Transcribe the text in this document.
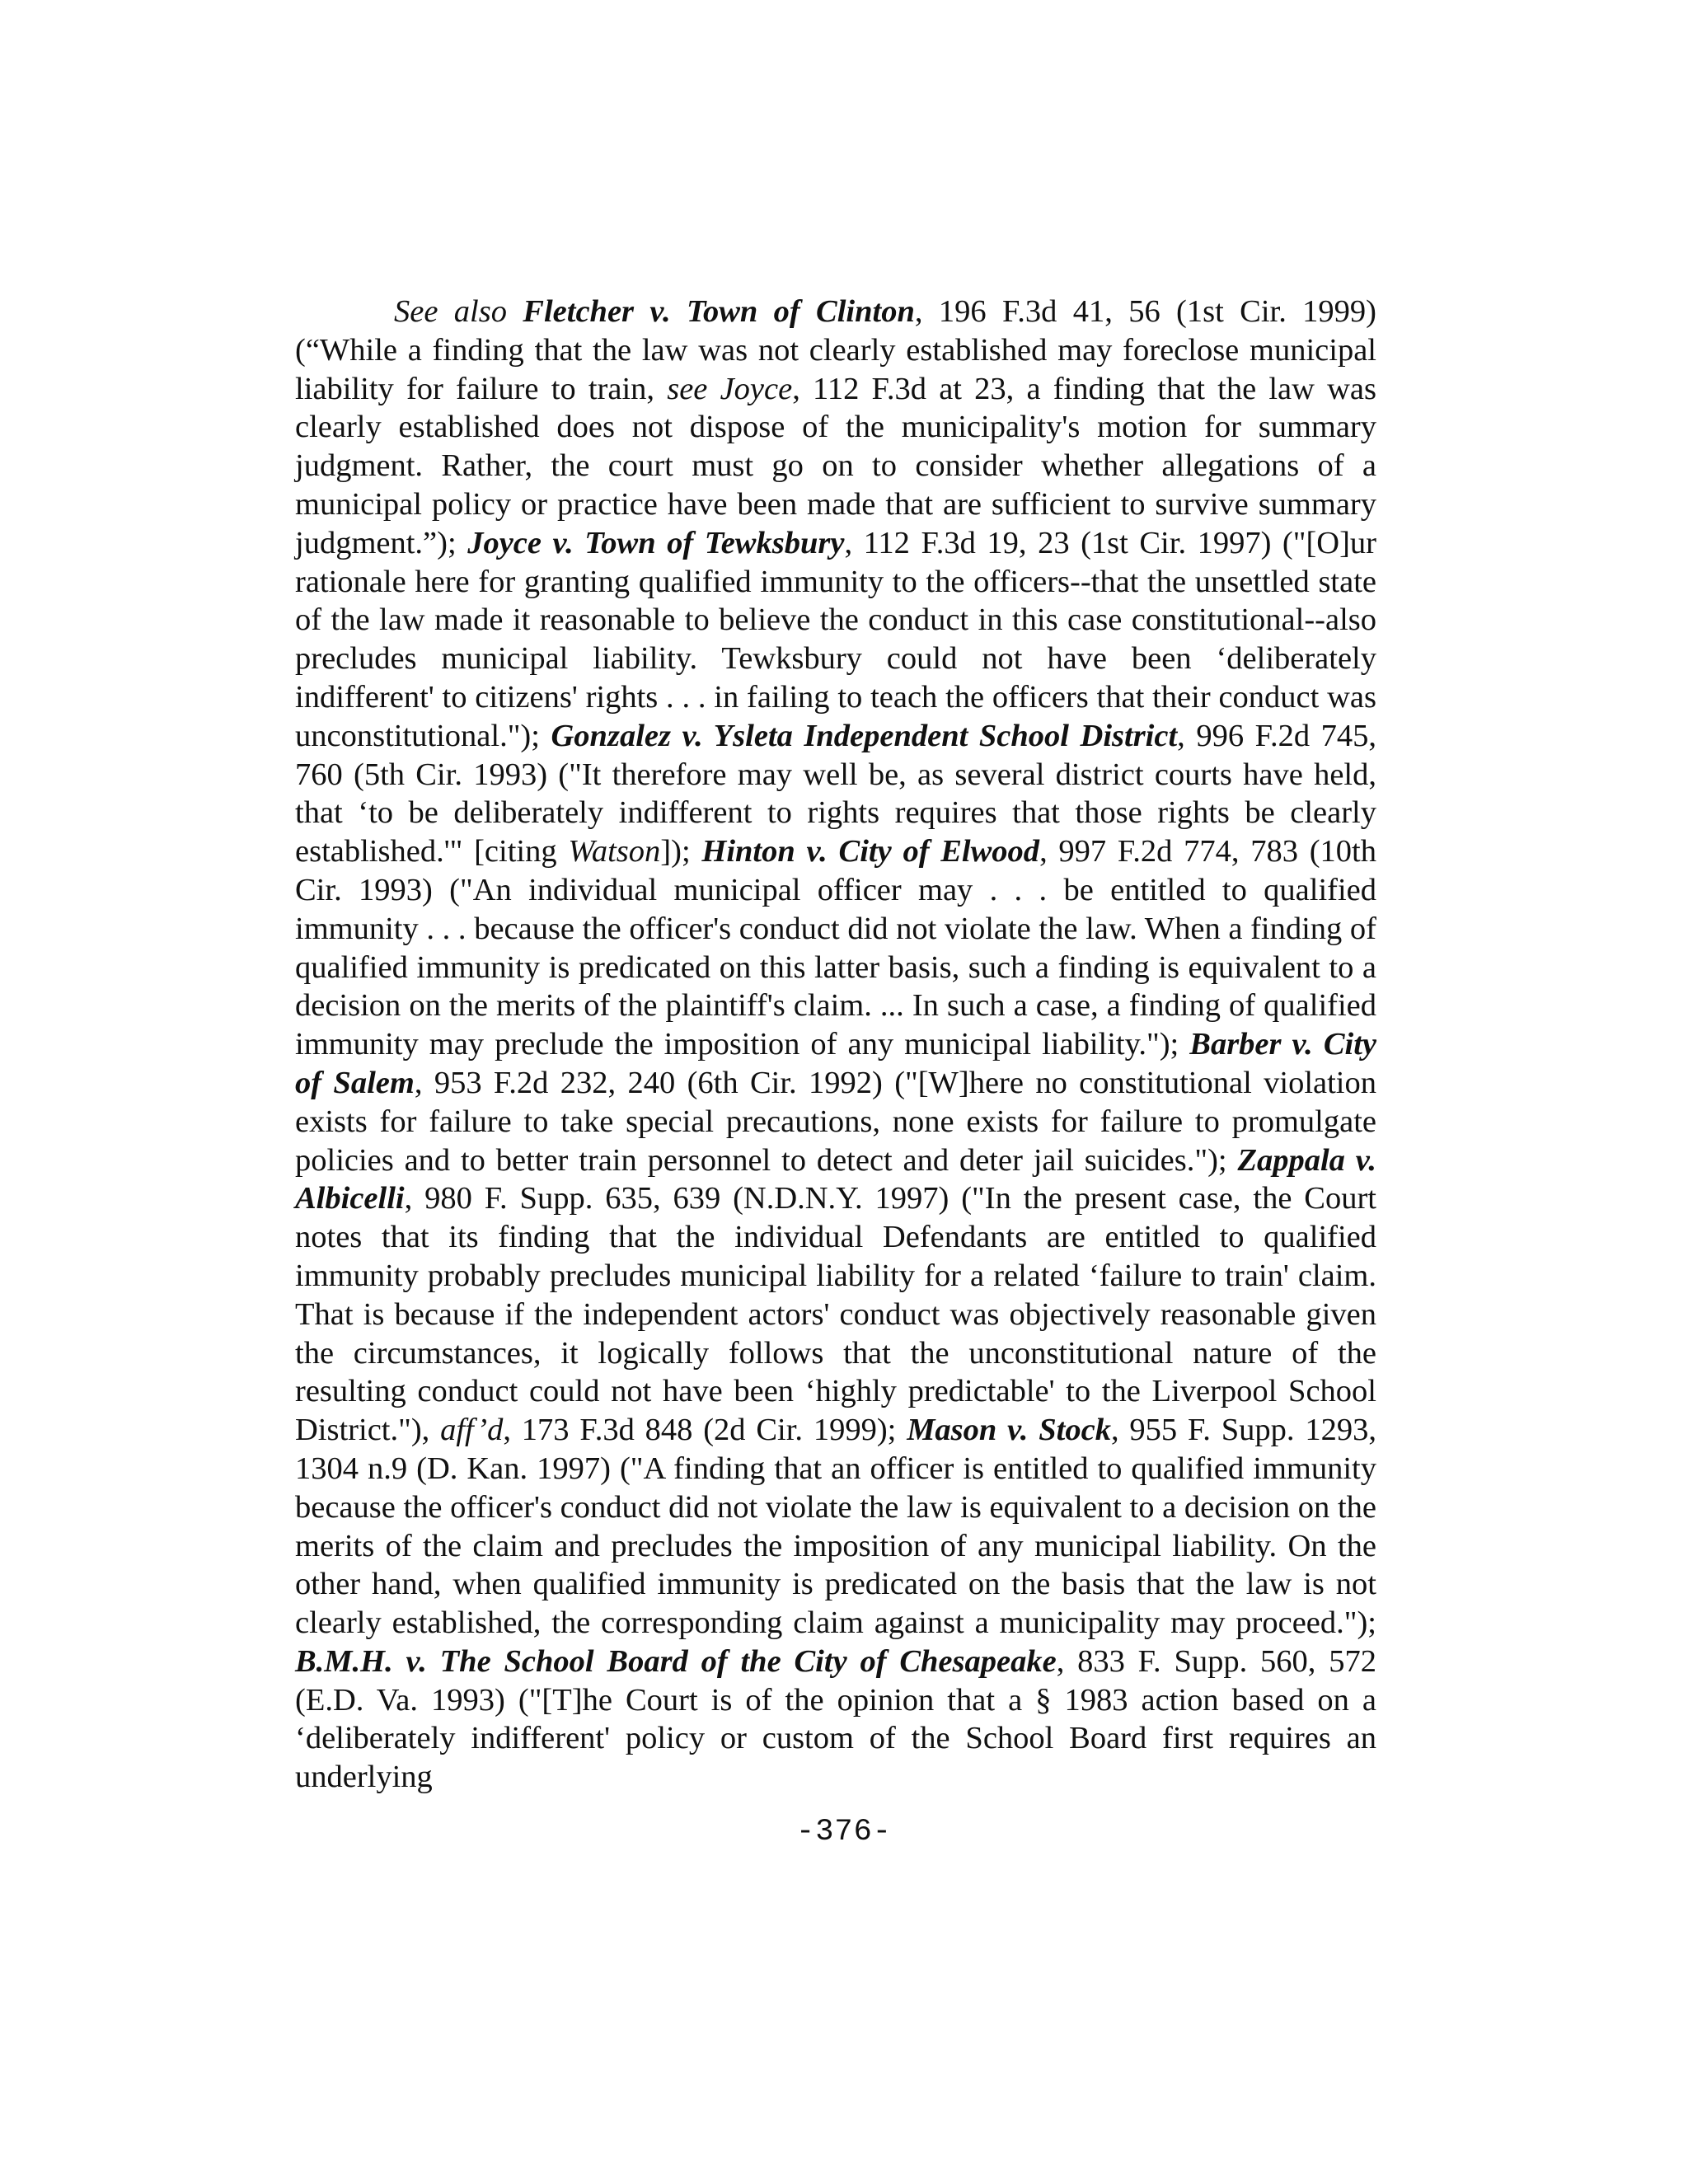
See also Fletcher v. Town of Clinton, 196 F.3d 41, 56 (1st Cir. 1999) (“While a finding that the law was not clearly established may foreclose municipal liability for failure to train, see Joyce, 112 F.3d at 23, a finding that the law was clearly established does not dispose of the municipality's motion for summary judgment. Rather, the court must go on to consider whether allegations of a municipal policy or practice have been made that are sufficient to survive summary judgment.”); Joyce v. Town of Tewksbury, 112 F.3d 19, 23 (1st Cir. 1997) ("[O]ur rationale here for granting qualified immunity to the officers--that the unsettled state of the law made it reasonable to believe the conduct in this case constitutional--also precludes municipal liability. Tewksbury could not have been ‘deliberately indifferent' to citizens' rights . . . in failing to teach the officers that their conduct was unconstitutional."); Gonzalez v. Ysleta Independent School District, 996 F.2d 745, 760 (5th Cir. 1993) ("It therefore may well be, as several district courts have held, that ‘to be deliberately indifferent to rights requires that those rights be clearly established.'" [citing Watson]); Hinton v. City of Elwood, 997 F.2d 774, 783 (10th Cir. 1993) ("An individual municipal officer may . . . be entitled to qualified immunity . . . because the officer's conduct did not violate the law. When a finding of qualified immunity is predicated on this latter basis, such a finding is equivalent to a decision on the merits of the plaintiff's claim. ... In such a case, a finding of qualified immunity may preclude the imposition of any municipal liability."); Barber v. City of Salem, 953 F.2d 232, 240 (6th Cir. 1992) ("[W]here no constitutional violation exists for failure to take special precautions, none exists for failure to promulgate policies and to better train personnel to detect and deter jail suicides."); Zappala v. Albicelli, 980 F. Supp. 635, 639 (N.D.N.Y. 1997) ("In the present case, the Court notes that its finding that the individual Defendants are entitled to qualified immunity probably precludes municipal liability for a related ‘failure to train' claim. That is because if the independent actors' conduct was objectively reasonable given the circumstances, it logically follows that the unconstitutional nature of the resulting conduct could not have been ‘highly predictable' to the Liverpool School District."), aff’d, 173 F.3d 848 (2d Cir. 1999); Mason v. Stock, 955 F. Supp. 1293, 1304 n.9 (D. Kan. 1997) ("A finding that an officer is entitled to qualified immunity because the officer's conduct did not violate the law is equivalent to a decision on the merits of the claim and precludes the imposition of any municipal liability. On the other hand, when qualified immunity is predicated on the basis that the law is not clearly established, the corresponding claim against a municipality may proceed."); B.M.H. v. The School Board of the City of Chesapeake, 833 F. Supp. 560, 572 (E.D. Va. 1993) ("[T]he Court is of the opinion that a § 1983 action based on a ‘deliberately indifferent' policy or custom of the School Board first requires an underlying

-376-
